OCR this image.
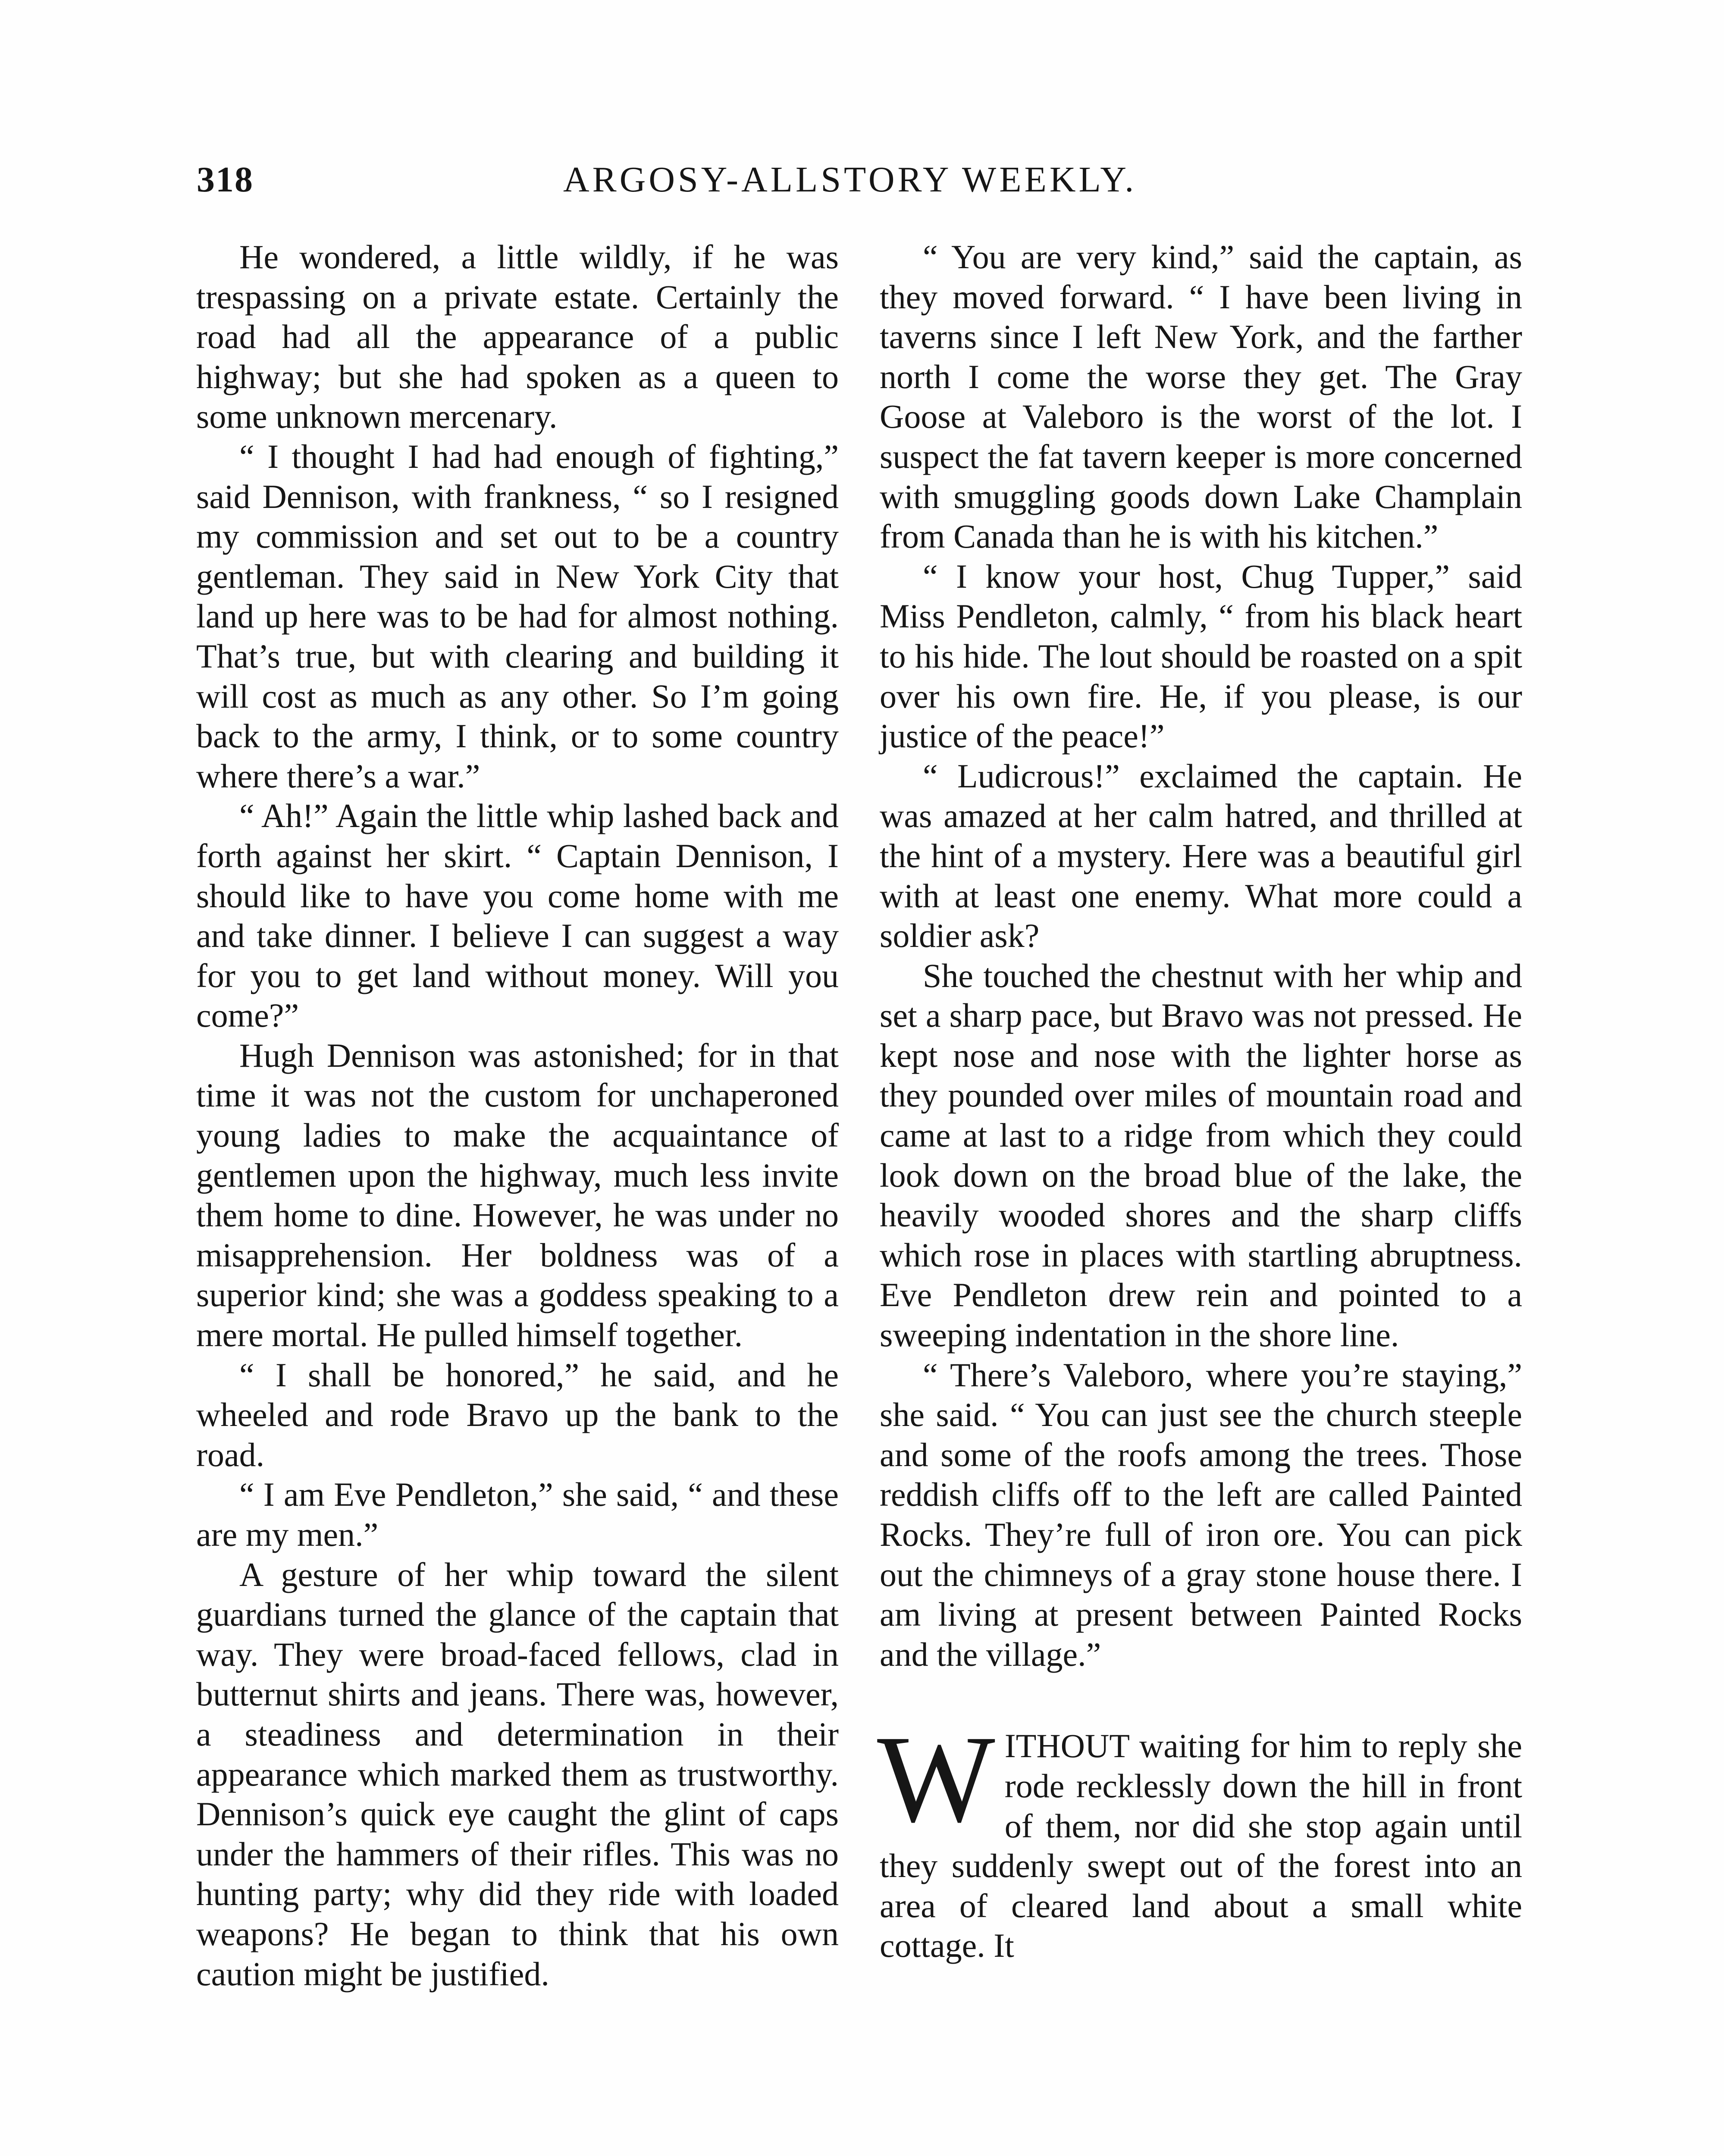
318	ARGOSY-ALLSTORY WEEKLY.

He wondered, a little wildly, if he was trespassing on a private estate. Certainly the road had all the appearance of a public highway; but she had spoken as a queen to some unknown mercenary.

“ I thought I had had enough of fighting,” said Dennison, with frankness, “ so I resigned my commission and set out to be a country gentleman. They said in New York City that land up here was to be had for almost nothing. That’s true, but with clearing and building it will cost as much as any other. So I’m going back to the army, I think, or to some country where there’s a war.”

“ Ah!” Again the little whip lashed back and forth against her skirt. “ Captain Dennison, I should like to have you come home with me and take dinner. I believe I can suggest a way for you to get land without money. Will you come?”

Hugh Dennison was astonished; for in that time it was not the custom for unchaperoned young ladies to make the acquaintance of gentlemen upon the highway, much less invite them home to dine. However, he was under no misapprehension. Her boldness was of a superior kind; she was a goddess speaking to a mere mortal. He pulled himself together.

“ I shall be honored,” he said, and he wheeled and rode Bravo up the bank to the road.

“ I am Eve Pendleton,” she said, “ and these are my men.”

A gesture of her whip toward the silent guardians turned the glance of the captain that way. They were broad-faced fellows, clad in butternut shirts and jeans. There was, however, a steadiness and determination in their appearance which marked them as trustworthy. Dennison’s quick eye caught the glint of caps under the hammers of their rifles. This was no hunting party; why did they ride with loaded weapons? He began to think that his own caution might be justified.

“ You are very kind,” said the captain, as they moved forward. “ I have been living in taverns since I left New York, and the farther north I come the worse they get. The Gray Goose at Valeboro is the worst of the lot. I suspect the fat tavern keeper is more concerned with smuggling goods down Lake Champlain from Canada than he is with his kitchen.”

“ I know your host, Chug Tupper,” said Miss Pendleton, calmly, “ from his black heart to his hide. The lout should be roasted on a spit over his own fire. He, if you please, is our justice of the peace!”

“ Ludicrous!” exclaimed the captain. He was amazed at her calm hatred, and thrilled at the hint of a mystery. Here was a beautiful girl with at least one enemy. What more could a soldier ask?

She touched the chestnut with her whip and set a sharp pace, but Bravo was not pressed. He kept nose and nose with the lighter horse as they pounded over miles of mountain road and came at last to a ridge from which they could look down on the broad blue of the lake, the heavily wooded shores and the sharp cliffs which rose in places with startling abruptness. Eve Pendleton drew rein and pointed to a sweeping indentation in the shore line.

“ There’s Valeboro, where you’re staying,” she said. “ You can just see the church steeple and some of the roofs among the trees. Those reddish cliffs off to the left are called Painted Rocks. They’re full of iron ore. You can pick out the chimneys of a gray stone house there. I am living at present between Painted Rocks and the village.”

WITHOUT waiting for him to reply she rode recklessly down the hill in front of them, nor did she stop again until they suddenly swept out of the forest into an area of cleared land about a small white cottage. It
